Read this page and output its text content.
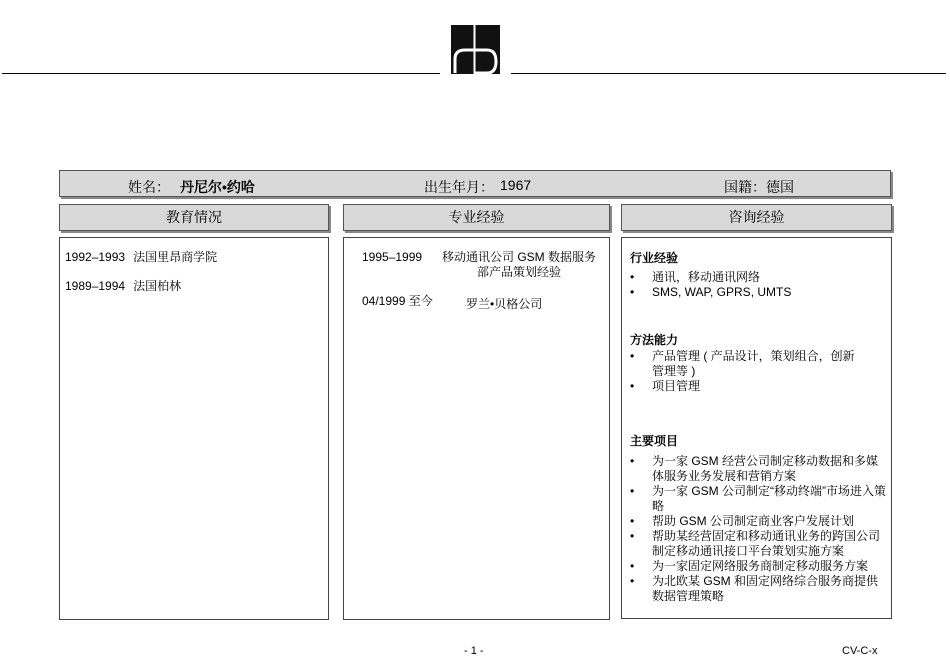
姓名： 丹尼尔•约哈	出生年月： 1967	国籍：德国
教育情况	专业经验	咨询经验
1992–1993 法国里昂商学院
1989–1994 法国柏林
1995–1999 移动通讯公司 GSM 数据服务部产品策划经验
04/1999 至今	罗兰•贝格公司
行业经验
• 通讯，移动通讯网络
• SMS, WAP, GPRS, UMTS
方法能力
• 产品管理 ( 产品设计，策划组合，创新管理等 )
• 项目管理
主要项目
• 为一家 GSM 经营公司制定移动数据和多媒体服务业务发展和营销方案
• 为一家 GSM 公司制定“移动终端”市场进入策略
• 帮助 GSM 公司制定商业客户发展计划
• 帮助某经营固定和移动通讯业务的跨国公司制定移动通讯接口平台策划实施方案
• 为一家固定网络服务商制定移动服务方案
• 为北欧某 GSM 和固定网络综合服务商提供数据管理策略
- 1 -	CV-C-x
